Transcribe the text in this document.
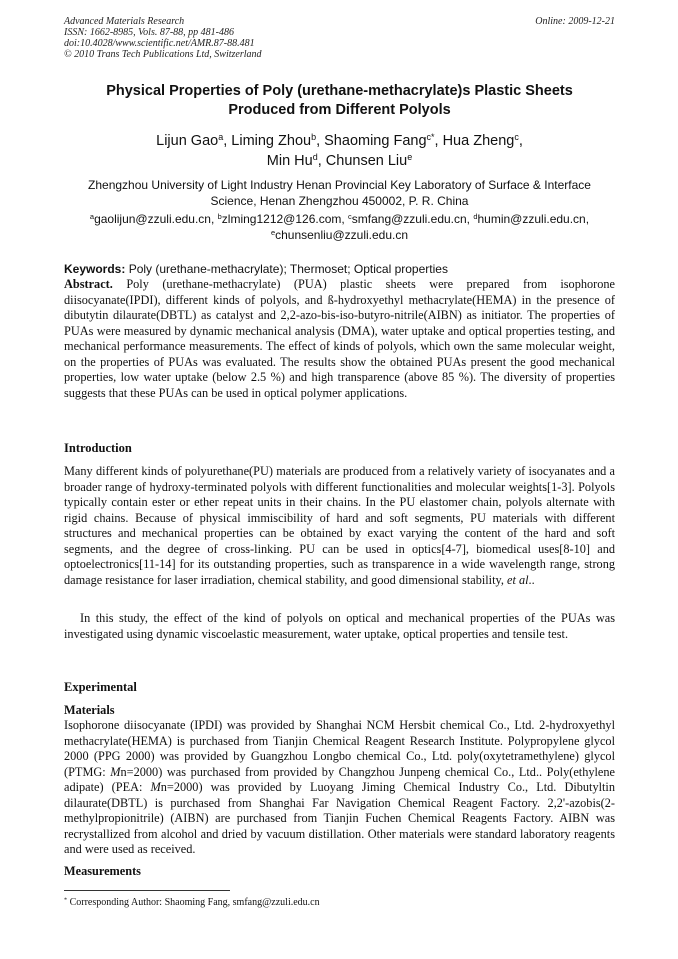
Advanced Materials Research
ISSN: 1662-8985, Vols. 87-88, pp 481-486
doi:10.4028/www.scientific.net/AMR.87-88.481
© 2010 Trans Tech Publications Ltd, Switzerland
Online: 2009-12-21
Physical Properties of Poly (urethane-methacrylate)s Plastic Sheets
Produced from Different Polyols
Lijun Gao$^a$, Liming Zhou$^b$, Shaoming Fang$^{c*}$, Hua Zheng$^c$,
Min Hu$^d$, Chunsen Liu$^e$
Zhengzhou University of Light Industry Henan Provincial Key Laboratory of Surface & Interface
Science, Henan Zhengzhou 450002, P. R. China
$^a$gaolijun@zzuli.edu.cn, $^b$zlming1212@126.com, $^c$smfang@zzuli.edu.cn, $^d$humin@zzuli.edu.cn,
$^e$chunsenliu@zzuli.edu.cn
Keywords: Poly (urethane-methacrylate); Thermoset; Optical properties

Abstract. Poly (urethane-methacrylate) (PUA) plastic sheets were prepared from isophorone diisocyanate(IPDI), different kinds of polyols, and ß-hydroxyethyl methacrylate(HEMA) in the presence of dibutytin dilaurate(DBTL) as catalyst and 2,2-azo-bis-iso-butyro-nitrile(AIBN) as initiator. The properties of PUAs were measured by dynamic mechanical analysis (DMA), water uptake and optical properties testing, and mechanical performance measurements. The effect of kinds of polyols, which own the same molecular weight, on the properties of PUAs was evaluated. The results show the obtained PUAs present the good mechanical properties, low water uptake (below 2.5 %) and high transparence (above 85 %). The diversity of properties suggests that these PUAs can be used in optical polymer applications.

Introduction

Many different kinds of polyurethane(PU) materials are produced from a relatively variety of isocyanates and a broader range of hydroxy-terminated polyols with different functionalities and molecular weights[1-3]. Polyols typically contain ester or ether repeat units in their chains. In the PU elastomer chain, polyols alternate with rigid chains. Because of physical immiscibility of hard and soft segments, PU materials with different structures and mechanical properties can be obtained by exact varying the content of the hard and soft segments, and the degree of cross-linking. PU can be used in optics[4-7], biomedical uses[8-10] and optoelectronics[11-14] for its outstanding properties, such as transparence in a wide wavelength range, strong damage resistance for laser irradiation, chemical stability, and good dimensional stability, et al..

In this study, the effect of the kind of polyols on optical and mechanical properties of the PUAs was investigated using dynamic viscoelastic measurement, water uptake, optical properties and tensile test.

Experimental
Materials

Isophorone diisocyanate (IPDI) was provided by Shanghai NCM Hersbit chemical Co., Ltd. 2-hydroxyethyl methacrylate(HEMA) is purchased from Tianjin Chemical Reagent Research Institute. Polypropylene glycol 2000 (PPG 2000) was provided by Guangzhou Longbo chemical Co., Ltd. poly(oxytetramethylene) glycol (PTMG: Mn=2000) was purchased from provided by Changzhou Junpeng chemical Co., Ltd.. Poly(ethylene adipate) (PEA: Mn=2000) was provided by Luoyang Jiming Chemical Industry Co., Ltd. Dibutyltin dilaurate(DBTL) is purchased from Shanghai Far Navigation Chemical Reagent Factory. 2,2'-azobis(2-methylpropionitrile) (AIBN) are purchased from Tianjin Fuchen Chemical Reagents Factory. AIBN was recrystallized from alcohol and dried by vacuum distillation. Other materials were standard laboratory reagents and were used as received.

Measurements
* Corresponding Author: Shaoming Fang, smfang@zzuli.edu.cn
